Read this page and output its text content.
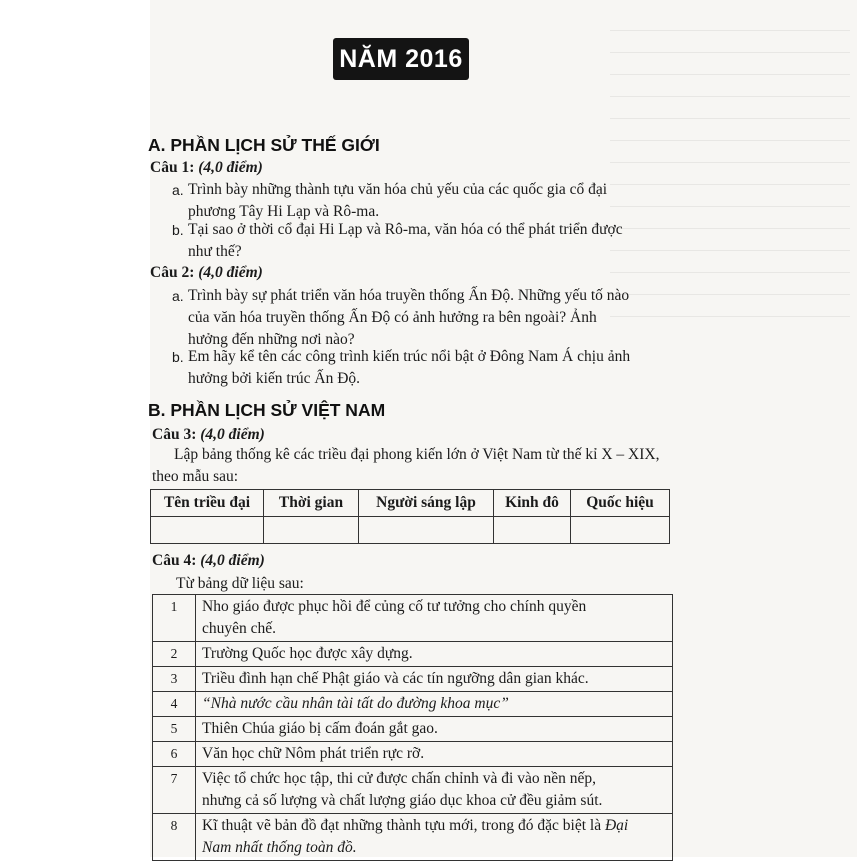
NĂM 2016
A. PHẦN LỊCH SỬ THẾ GIỚI
Câu 1: (4,0 điểm)
a. Trình bày những thành tựu văn hóa chủ yếu của các quốc gia cổ đại
phương Tây Hi Lạp và Rô-ma.
b. Tại sao ở thời cổ đại Hi Lạp và Rô-ma, văn hóa có thể phát triển được
như thế?
Câu 2: (4,0 điểm)
a. Trình bày sự phát triển văn hóa truyền thống Ấn Độ. Những yếu tố nào
của văn hóa truyền thống Ấn Độ có ảnh hưởng ra bên ngoài? Ảnh
hưởng đến những nơi nào?
b. Em hãy kể tên các công trình kiến trúc nổi bật ở Đông Nam Á chịu ảnh
hưởng bởi kiến trúc Ấn Độ.
B. PHẦN LỊCH SỬ VIỆT NAM
Câu 3: (4,0 điểm)
Lập bảng thống kê các triều đại phong kiến lớn ở Việt Nam từ thế kỉ X – XIX,
theo mẫu sau:
Tên triều đại	Thời gian	Người sáng lập	Kinh đô	Quốc hiệu

Câu 4: (4,0 điểm)
Từ bảng dữ liệu sau:
1	Nho giáo được phục hồi để củng cố tư tưởng cho chính quyền
chuyên chế.

2	Trường Quốc học được xây dựng.

3	Triều đình hạn chế Phật giáo và các tín ngưỡng dân gian khác.

4	“Nhà nước cầu nhân tài tất do đường khoa mục”

5	Thiên Chúa giáo bị cấm đoán gắt gao.

6	Văn học chữ Nôm phát triển rực rỡ.

7	Việc tổ chức học tập, thi cử được chấn chỉnh và đi vào nền nếp,
nhưng cả số lượng và chất lượng giáo dục khoa cử đều giảm sút.

8	Kĩ thuật vẽ bản đồ đạt những thành tựu mới, trong đó đặc biệt là Đại
Nam nhất thống toàn đồ.
